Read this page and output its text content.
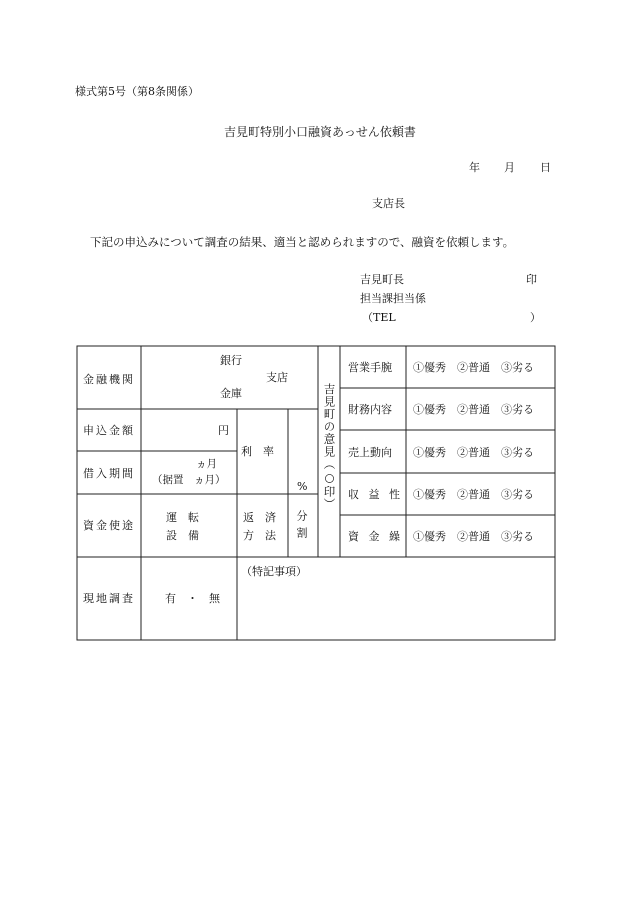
様式第5号（第8条関係）
吉見町特別小口融資あっせん依頼書
年 月 日
支店長
下記の申込みについて調査の結果、適当と認められますので、融資を依頼します。
吉見町長	印
担当課担当係
（TEL	）
金融機関
申込金額
借入期間
資金使途
現地調査
銀行
支店
金庫
円
ヵ月
（据置　ヵ月）
利　率
%
運　転
設　備
返　済
方　法 分割
吉見町の意見（○印）
営業手腕 ①優秀　②普通　③劣る
財務内容 ①優秀　②普通　③劣る
売上動向 ①優秀　②普通　③劣る
収 益 性 ①優秀　②普通　③劣る
資 金 繰 ①優秀　②普通　③劣る
有　・　無
（特記事項）
